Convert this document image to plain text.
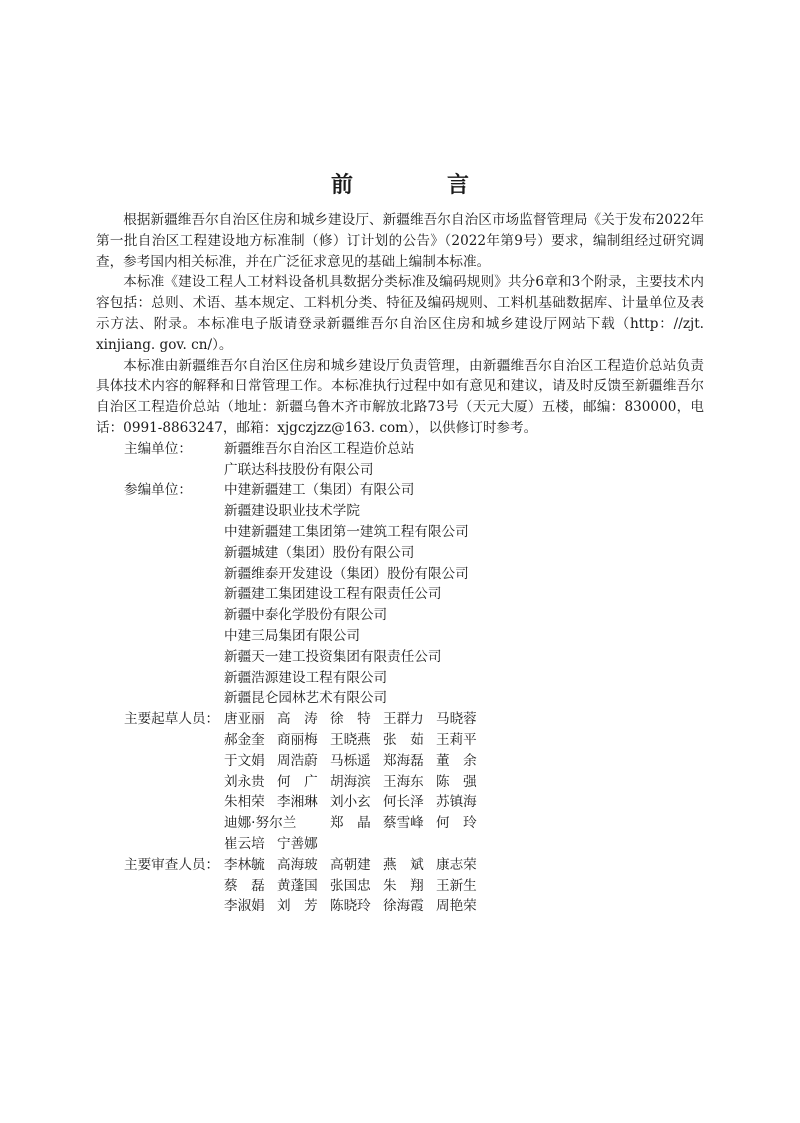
前　言

根据新疆维吾尔自治区住房和城乡建设厅、新疆维吾尔自治区市场监督管理局《关于发布2022年第一批自治区工程建设地方标准制（修）订计划的公告》（2022年第9号）要求，编制组经过研究调查，参考国内相关标准，并在广泛征求意见的基础上编制本标准。

本标准《建设工程人工材料设备机具数据分类标准及编码规则》共分6章和3个附录，主要技术内容包括：总则、术语、基本规定、工料机分类、特征及编码规则、工料机基础数据库、计量单位及表示方法、附录。本标准电子版请登录新疆维吾尔自治区住房和城乡建设厅网站下载（http：//zjt. xinjiang. gov. cn/）。

本标准由新疆维吾尔自治区住房和城乡建设厅负责管理，由新疆维吾尔自治区工程造价总站负责具体技术内容的解释和日常管理工作。本标准执行过程中如有意见和建议，请及时反馈至新疆维吾尔自治区工程造价总站（地址：新疆乌鲁木齐市解放北路73号（天元大厦）五楼，邮编：830000，电话：0991-8863247，邮箱：xjgczjzz@163. com），以供修订时参考。

主编单位：	新疆维吾尔自治区工程造价总站
广联达科技股份有限公司
参编单位：	中建新疆建工（集团）有限公司
新疆建设职业技术学院
中建新疆建工集团第一建筑工程有限公司
新疆城建（集团）股份有限公司
新疆维泰开发建设（集团）股份有限公司
新疆建工集团建设工程有限责任公司
新疆中泰化学股份有限公司
中建三局集团有限公司
新疆天一建工投资集团有限责任公司
新疆浩源建设工程有限公司
新疆昆仑园林艺术有限公司
主要起草人员： 唐亚丽 高　涛 徐　特 王群力 马晓蓉
郝金奎 商丽梅 王晓燕 张　茹 王莉平
于文娟 周浩蔚 马栎遥 郑海磊 董　余
刘永贵 何　广 胡海滨 王海东 陈　强
朱相荣 李湘琳 刘小玄 何长泽 苏镇海
迪娜·努尔兰 郑　晶 蔡雪峰 何　玲
崔云培 宁善娜
主要审查人员： 李林毓 高海玻 高朝建 燕　斌 康志荣
蔡　磊 黄蓬国 张国忠 朱　翔 王新生
李淑娟 刘　芳 陈晓玲 徐海霞 周艳荣
